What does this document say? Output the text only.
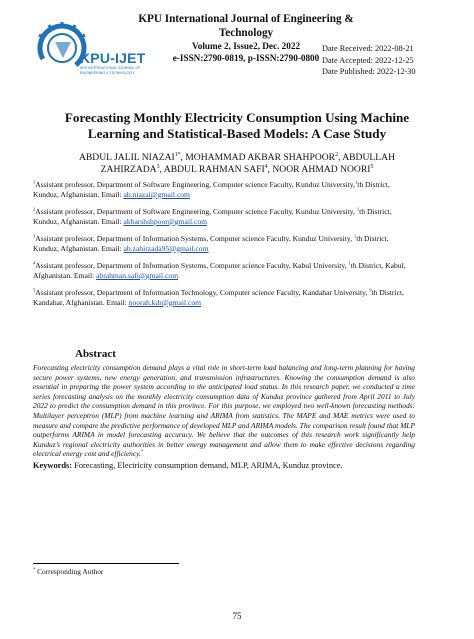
KPU-IJET
KPU INTERNATIONAL JOURNAL OF ENGINEERING & TECHNOLOGY
KPU International Journal of Engineering & Technology
Volume 2, Issue2, Dec. 2022
e-ISSN:2790-0819, p-ISSN:2790-0800
Date Received: 2022-08-21
Date Accepted: 2022-12-25
Date Published: 2022-12-30
Forecasting Monthly Electricity Consumption Using Machine Learning and Statistical-Based Models: A Case Study
ABDUL JALIL $NIAZAI^{1*}$, MOHAMMAD AKBAR SHAHPOOR$^2$, ABDULLAH ZAHIRZADA$^3$, ABDUL RAHMAN SAFI$^4$, NOOR AHMAD NOORI$^5$
$^1$Assistant professor, Department of Software Engineering, Computer science Faculty, Kunduz University,$^1$th District, Kunduz, Afghanistan. Email: ab.niazai@gmail.com
$^2$Assistant professor, Department of Software Engineering, Computer science Faculty, Kunduz University, $^1$th District, Kunduz, Afghanistan. Email: akbarshshpoor@gmail.com
$^3$Assistant professor, Department of Information Systems, Computer science Faculty, Kunduz University, $^1$th District, Kunduz, Afghanistan. Email: ab.zahirzada95@gmail.com
$^4$Assistant professor, Department of Information Systems, Computer science Faculty, Kabul University, $^1$th District, Kabul, Afghanistan. Email: abrahman.safi@gmail.com
$^5$Assistant professor, Department of Information Technology, Computer science Faculty, Kandahar University, $^9$th District, Kandahar, Afghanistan. Email: noorah.kdr@gmail.com
Abstract
Forecasting electricity consumption demand plays a vital role in short-term load balancing and long-term planning for having secure power systems, new energy generation, and transmission infrastructures. Knowing the consumption demand is also essential in preparing the power system according to the anticipated load status. In this research paper, we conducted a time series forecasting analysis on the monthly electricity consumption data of Kunduz province gathered from April 2011 to July 2022 to predict the consumption demand in this province. For this purpose, we employed two well-known forecasting methods: Multilayer perceptron (MLP) from machine learning and ARIMA from statistics. The MAPE and MAE metrics were used to measure and compare the predictive performance of developed MLP and ARIMA models. The comparison result found that MLP outperforms ARIMA in model forecasting accuracy. We believe that the outcomes of this research work significantly help Kunduz’s regional electricity authorities in better energy management and allow them to make effective decisions regarding electrical energy cost and efficiency.*
Keywords: Forecasting, Electricity consumption demand, MLP, ARIMA, Kunduz province.
* Corresponding Author
75
